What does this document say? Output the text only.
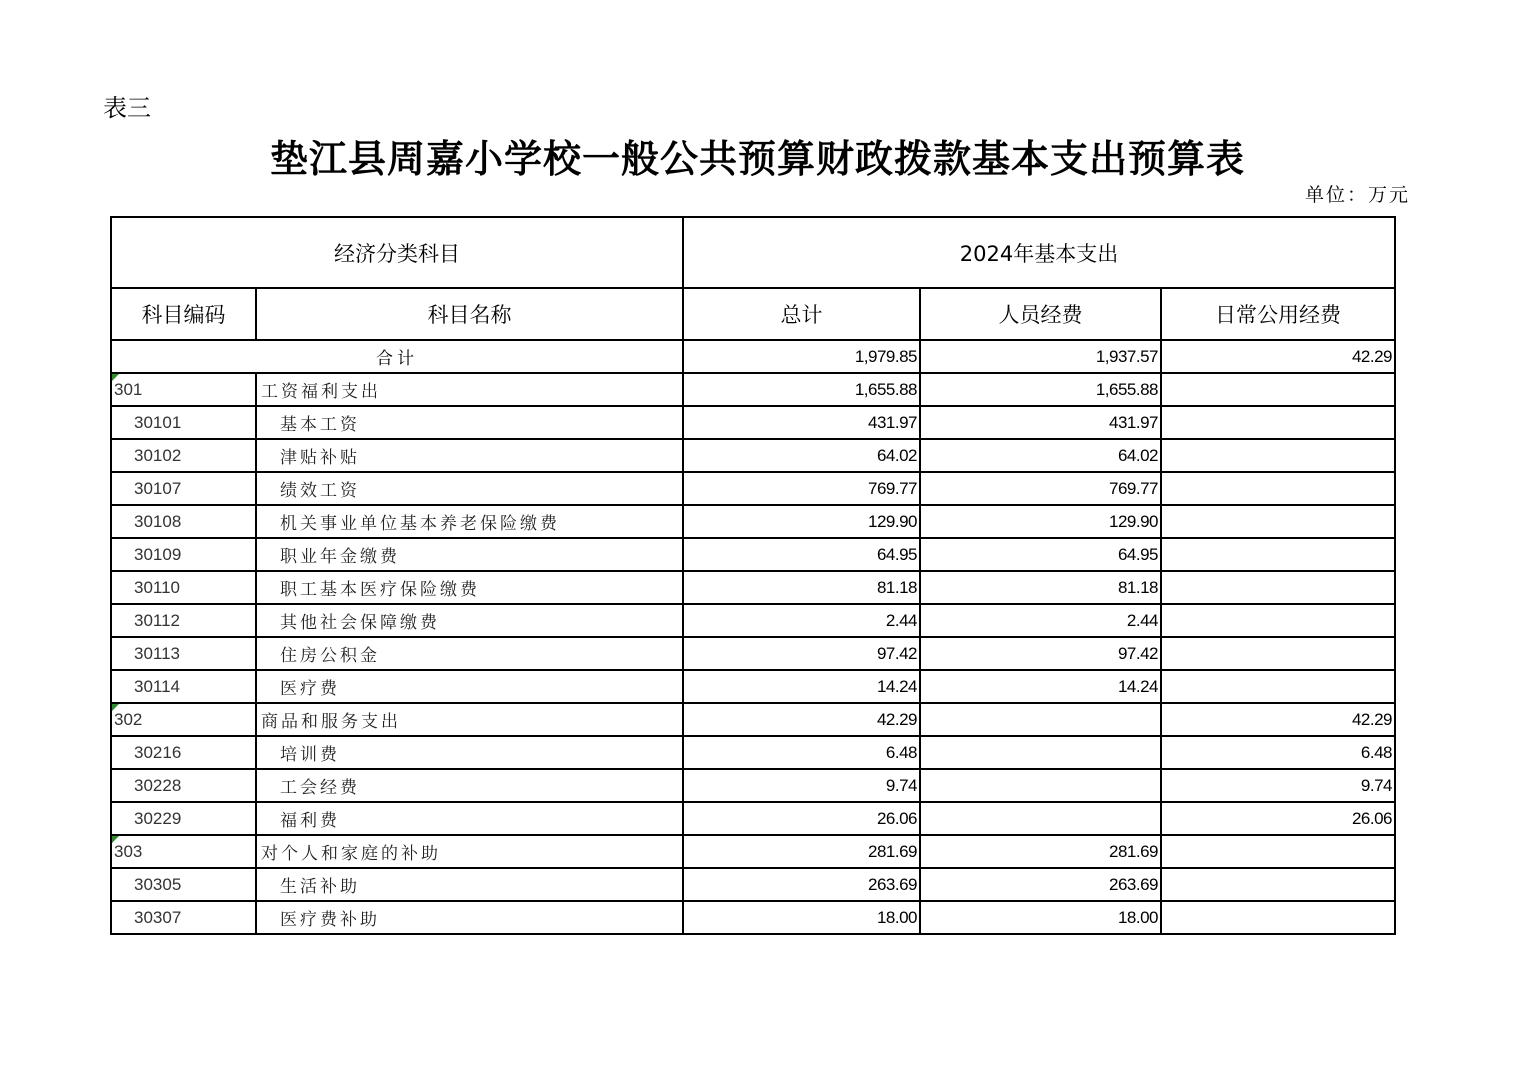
表三
垫江县周嘉小学校一般公共预算财政拨款基本支出预算表
单位：万元
经济分类科目		2024年基本支出		
科目编码	科目名称	总计	人员经费	日常公用经费
合计		1,979.85	1,937.57	42.29

301	工资福利支出	1,655.88	1,655.88	
30101	基本工资	431.97	431.97	
30102	津贴补贴	64.02	64.02	
30107	绩效工资	769.77	769.77	
30108	机关事业单位基本养老保险缴费	129.90	129.90	
30109	职业年金缴费	64.95	64.95	
30110	职工基本医疗保险缴费	81.18	81.18	
30112	其他社会保障缴费	2.44	2.44	
30113	住房公积金	97.42	97.42	
30114	医疗费	14.24	14.24	

302	商品和服务支出	42.29		42.29
30216	培训费	6.48		6.48
30228	工会经费	9.74		9.74
30229	福利费	26.06		26.06

303	对个人和家庭的补助	281.69	281.69	
30305	生活补助	263.69	263.69	
30307	医疗费补助	18.00	18.00	
